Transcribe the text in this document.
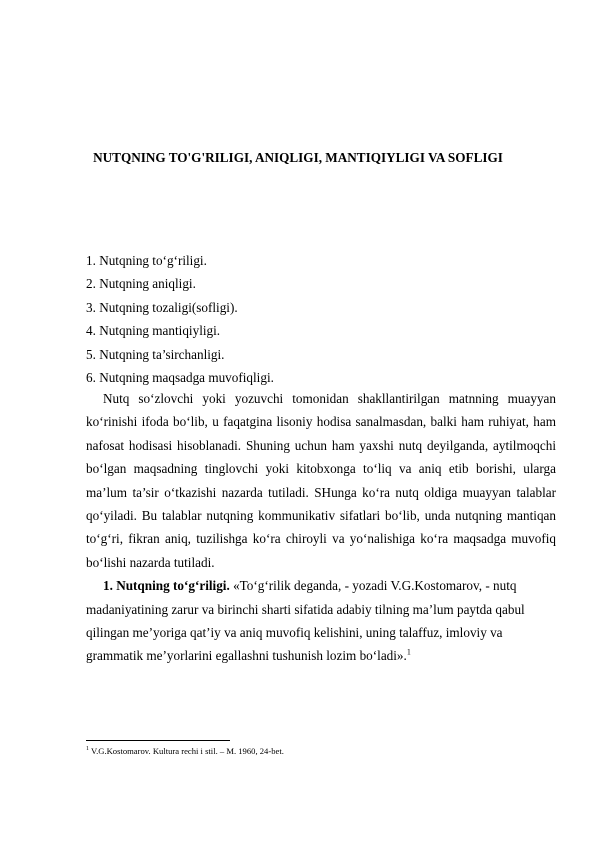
NUTQNING TO'G'RILIGI, ANIQLIGI, MANTIQIYLIGI VA SOFLIGI
1. Nutqning to‘g‘riligi.
2. Nutqning aniqligi.
3. Nutqning tozaligi(sofligi).
4. Nutqning mantiqiyligi.
5. Nutqning ta’sirchanligi.
6. Nutqning maqsadga muvofiqligi.

Nutq so‘zlovchi yoki yozuvchi tomonidan shakllantirilgan matnning muayyan ko‘rinishi ifoda bo‘lib, u faqatgina lisoniy hodisa sanalmasdan, balki ham ruhiyat, ham nafosat hodisasi hisoblanadi. Shuning uchun ham yaxshi nutq deyilganda, aytilmoqchi bo‘lgan maqsadning tinglovchi yoki kitobxonga to‘liq va aniq etib borishi, ularga ma’lum ta’sir o‘tkazishi nazarda tutiladi. SHunga ko‘ra nutq oldiga muayyan talablar qo‘yiladi. Bu talablar nutqning kommunikativ sifatlari bo‘lib, unda nutqning mantiqan to‘g‘ri, fikran aniq, tuzilishga ko‘ra chiroyli va yo‘nalishiga ko‘ra maqsadga muvofiq bo‘lishi nazarda tutiladi.

1. Nutqning to‘g‘riligi. «To‘g‘rilik deganda, - yozadi V.G.Kostomarov, - nutq madaniyatining zarur va birinchi sharti sifatida adabiy tilning ma’lum paytda qabul qilingan me’yoriga qat’iy va aniq muvofiq kelishini, uning talaffuz, imloviy va grammatik me’yorlarini egallashni tushunish lozim bo‘ladi».$^1$

$^1$ V.G.Kostomarov. Kultura rechi i stil. – M. 1960, 24-bet.
